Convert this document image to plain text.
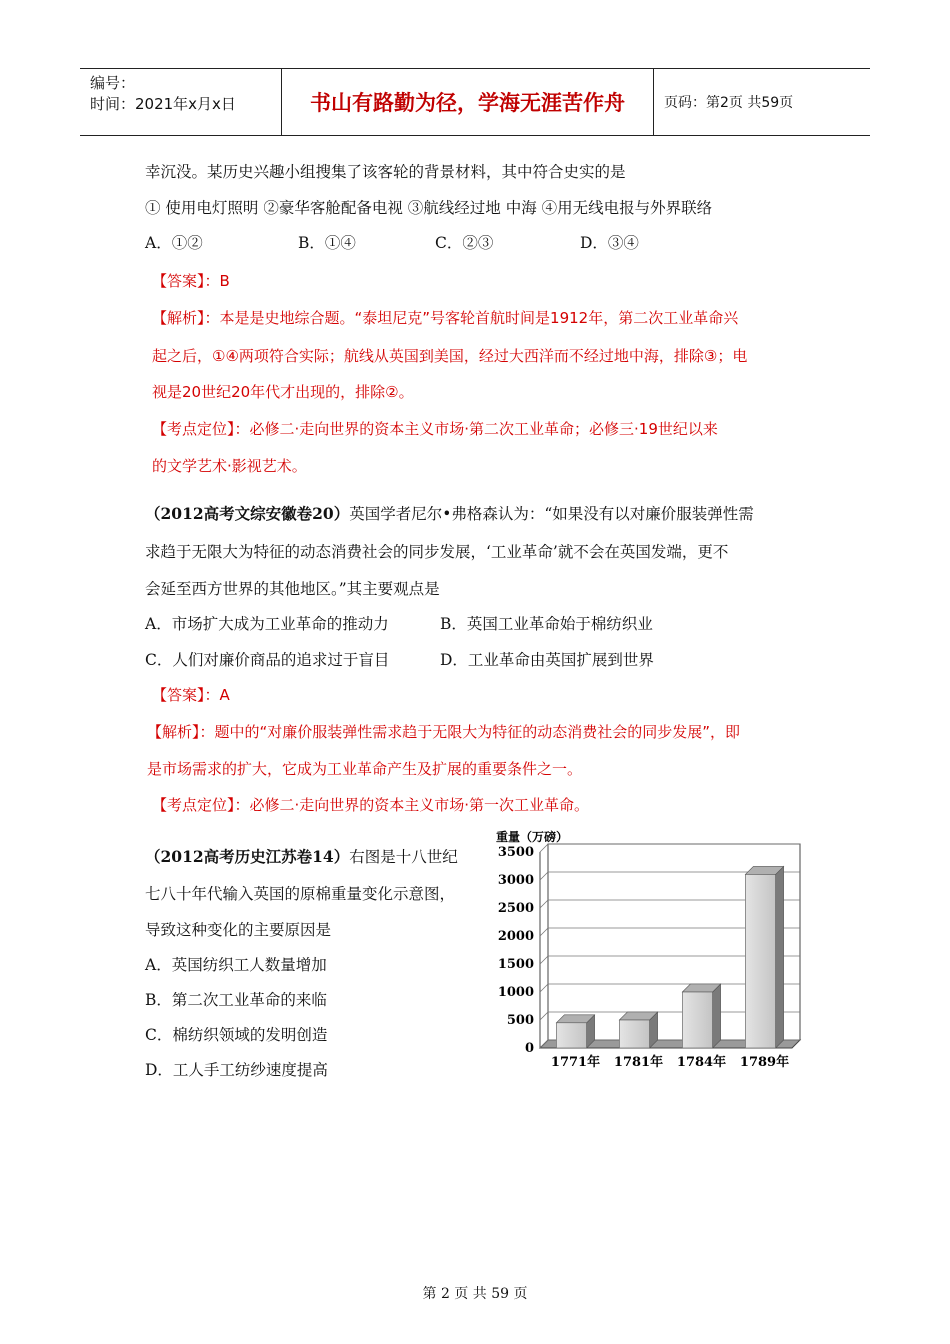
编号：
时间：2021年x月x日	书山有路勤为径，学海无涯苦作舟	页码：第2页 共59页
幸沉没。某历史兴趣小组搜集了该客轮的背景材料，其中符合史实的是
① 使用电灯照明 ②豪华客舱配备电视 ③航线经过地 中海 ④用无线电报与外界联络
A．①②	B．①④	C．②③	D．③④
【答案】：B
【解析】：本是是史地综合题。“泰坦尼克”号客轮首航时间是1912年，第二次工业革命兴
起之后，①④两项符合实际；航线从英国到美国，经过大西洋而不经过地中海，排除③；电
视是20世纪20年代才出现的，排除②。
【考点定位】：必修二·走向世界的资本主义市场·第二次工业革命；必修三·19世纪以来
的文学艺术·影视艺术。
（2012高考文综安徽卷20）英国学者尼尔•弗格森认为：“如果没有以对廉价服装弹性需
求趋于无限大为特征的动态消费社会的同步发展，‘工业革命’就不会在英国发端，更不
会延至西方世界的其他地区。”其主要观点是
A．市场扩大成为工业革命的推动力	B．英国工业革命始于棉纺织业
C．人们对廉价商品的追求过于盲目	D．工业革命由英国扩展到世界
【答案】：A
【解析】：题中的“对廉价服装弹性需求趋于无限大为特征的动态消费社会的同步发展”，即
是市场需求的扩大，它成为工业革命产生及扩展的重要条件之一。
【考点定位】：必修二·走向世界的资本主义市场·第一次工业革命。
（2012高考历史江苏卷14）右图是十八世纪
七八十年代输入英国的原棉重量变化示意图，
导致这种变化的主要原因是
A．英国纺织工人数量增加
B．第二次工业革命的来临
C．棉纺织领域的发明创造
D．工人手工纺纱速度提高
重量（万磅）
0
500
1000
1500
2000
2500
3000
3500
1771年 1781年 1784年 1789年
第 2 页 共 59 页
